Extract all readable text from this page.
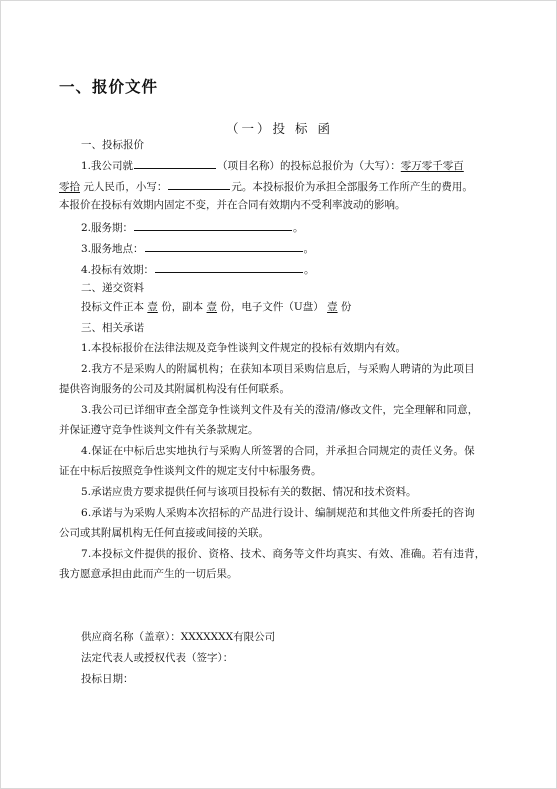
一、报价文件
（一）投 标 函
一、投标报价
1.我公司就	（项目名称）的投标总报价为（大写）：零万零千零百
零拾 元人民币，小写：	元。本投标报价为承担全部服务工作所产生的费用。
本报价在投标有效期内固定不变，并在合同有效期内不受利率波动的影响。
2.服务期：	。
3.服务地点：	。
4.投标有效期：	。
二、递交资料
投标文件正本 壹 份，副本 壹 份，电子文件（U盘） 壹 份
三、相关承诺
1.本投标报价在法律法规及竞争性谈判文件规定的投标有效期内有效。
2.我方不是采购人的附属机构；在获知本项目采购信息后，与采购人聘请的为此项目
提供咨询服务的公司及其附属机构没有任何联系。
3.我公司已详细审查全部竞争性谈判文件及有关的澄清/修改文件，完全理解和同意，
并保证遵守竞争性谈判文件有关条款规定。
4.保证在中标后忠实地执行与采购人所签署的合同，并承担合同规定的责任义务。保
证在中标后按照竞争性谈判文件的规定支付中标服务费。
5.承诺应贵方要求提供任何与该项目投标有关的数据、情况和技术资料。
6.承诺与为采购人采购本次招标的产品进行设计、编制规范和其他文件所委托的咨询
公司或其附属机构无任何直接或间接的关联。
7.本投标文件提供的报价、资格、技术、商务等文件均真实、有效、准确。若有违背，
我方愿意承担由此而产生的一切后果。
供应商名称（盖章）：XXXXXXX有限公司
法定代表人或授权代表（签字）：
投标日期：
